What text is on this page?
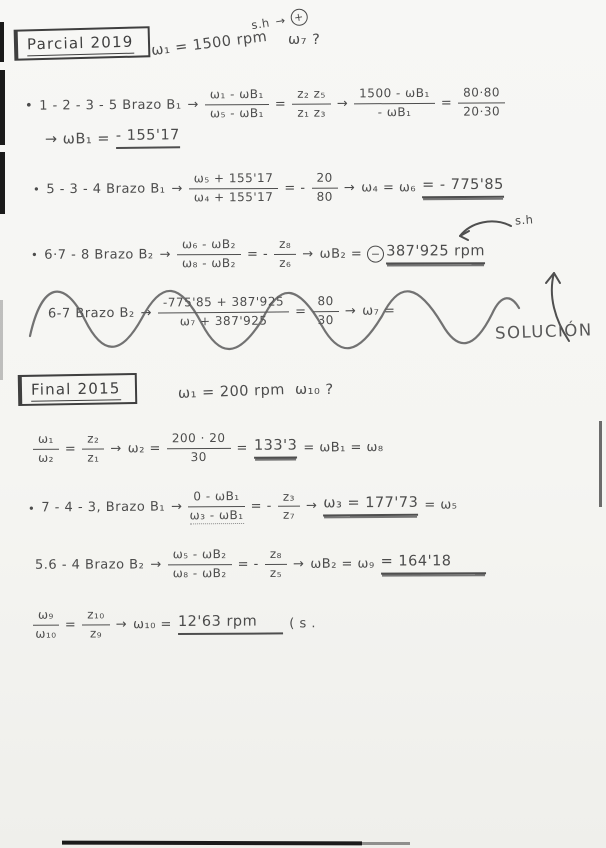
Parcial 2019	ω₁ = 1500 rpm
s.h → +
ω₇ ?
• 1 - 2 - 3 - 5 Brazo $B_1 \to \frac{\text{ω₁ - ωB₁}}{\text{ω₅ - ωB₁}} = \frac{\text{z₂ z₅}}{\text{z₁ z₃}} \to \frac{\text{1500 - ωB₁}}{\text{- ωB₁}} = \frac{80\cdot 80}{20\cdot 30}$
→ ωB₁ = - 155'17
• 5 - 3 - 4 Brazo $B_1 \to \frac{\text{ω₅ + 155'17}}{\text{ω₄ + 155'17}}$ = - $\frac{20}{80} \to \omega_4 = \omega_6$ = - 775'85
• 6·7 - 8 Brazo $B_2 \to \frac{\text{ω₆ - ωB₂}}{\text{ω₈ - ωB₂}}$ = - $\frac{\text{z₈}}{\text{z₆}} \to \omega B_2$ = − 387'925 rpm
s.h
6-7 Brazo $B_2 \to \frac{-775'85 + 387'925}{\text{ω₇ + 387'925}} = \frac{80}{30} \to \omega_7$ =
SOLUCIÓN
Final 2015	ω₁ = 200 rpm ω₁₀ ?
$\frac{\text{ω₁}}{\text{ω₂}} = \frac{\text{z₂}}{\text{z₁}} \to \omega_2 = \frac{200 \cdot 20}{30} = 133'3 = \omega B_1 = \omega_8$
• 7 - 4 - 3, Brazo $B_1 \to \frac{\text{0 - ωB₁}}{\text{ω₃ - ωB₁}}$ = - $\frac{\text{z₃}}{\text{z₇}} \to \omega_3 = 177'73 = \omega_5$
5.6 - 4 Brazo $B_2 \to \frac{\text{ω₅ - ωB₂}}{\text{ω₈ - ωB₂}}$ = - $\frac{\text{z₈}}{\text{z₅}} \to \omega B_2 = \omega_9 = 164'18$
$\frac{\text{ω₉}}{\text{ω₁₀}} = \frac{\text{z₁₀}}{\text{z₉}} \to \omega_{10} = 12'63$ rpm	( s .
